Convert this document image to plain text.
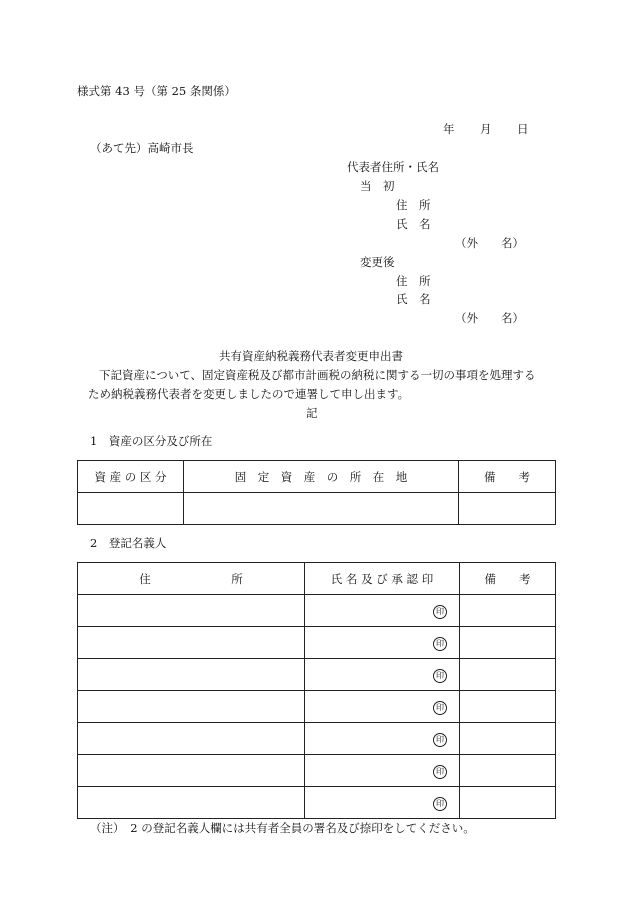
様式第 43 号（第 25 条関係）
年 月 日
（あて先）高崎市長
代表者住所・氏名
当　初
住　所
氏　名
（外　　名）
変更後
住　所
氏　名
（外　　名）
共有資産納税義務代表者変更申出書
下記資産について、固定資産税及び都市計画税の納税に関する一切の事項を処理する
ため納税義務代表者を変更しましたので連署して申し出ます。
記
1　資産の区分及び所在
資 産 の 区 分	固　定　資　産　の　所　在　地	備　　考

2　登記名義人
住　　　　　　　所	氏 名 及 び 承 認 印	備　　考
	印	
	印	
	印	
	印	
	印	
	印	
	印	
（注）　2 の登記名義人欄には共有者全員の署名及び捺印をしてください。
